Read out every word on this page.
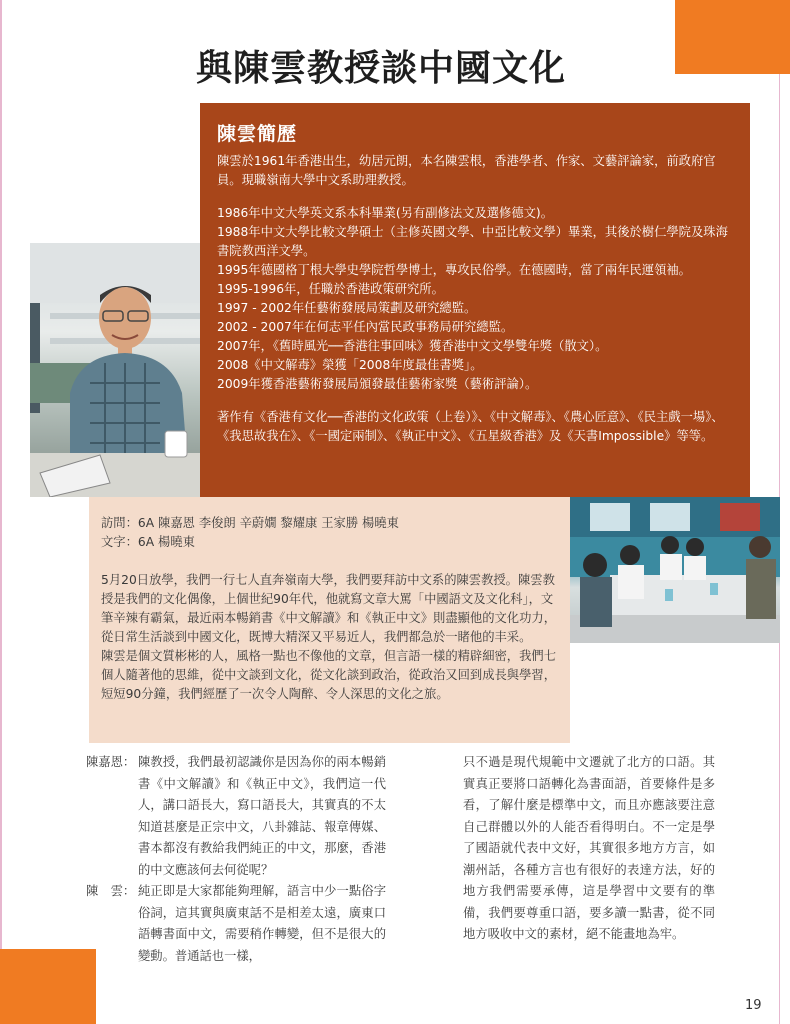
與陳雲教授談中國文化
陳雲簡歷

陳雲於1961年香港出生，幼居元朗，本名陳雲根，香港學者、作家、文藝評論家，前政府官員。現職嶺南大學中文系助理教授。

1986年中文大學英文系本科畢業(另有副修法文及選修德文)。

1988年中文大學比較文學碩士（主修英國文學、中亞比較文學）畢業，其後於樹仁學院及珠海書院教西洋文學。

1995年德國格丁根大學史學院哲學博士，專攻民俗學。在德國時，當了兩年民運領袖。

1995-1996年，任職於香港政策研究所。

1997 - 2002年任藝術發展局策劃及研究總監。

2002 - 2007年在何志平任內當民政事務局研究總監。

2007年，《舊時風光──香港往事回味》獲香港中文文學雙年獎（散文）。

2008《中文解毒》榮獲「2008年度最佳書獎」。

2009年獲香港藝術發展局頒發最佳藝術家獎（藝術評論）。

著作有《香港有文化──香港的文化政策（上卷）》、《中文解毒》、《農心匠意》、《民主戲一場》、《我思故我在》、《一國定兩制》、《執正中文》、《五星級香港》及《天書Impossible》等等。

訪問：6A 陳嘉恩 李俊朗 辛蔚嫺 黎耀康 王家勝 楊曉東

文字：6A 楊曉東

5月20日放學，我們一行七人直奔嶺南大學，我們要拜訪中文系的陳雲教授。陳雲教授是我們的文化偶像，上個世紀90年代，他就寫文章大罵「中國語文及文化科」，文筆辛辣有霸氣，最近兩本暢銷書《中文解讀》和《執正中文》則盡顯他的文化功力，從日常生活談到中國文化，既博大精深又平易近人，我們都急於一睹他的丰采。

陳雲是個文質彬彬的人，風格一點也不像他的文章，但言語一樣的精辟細密，我們七個人隨著他的思維，從中文談到文化，從文化談到政治，從政治又回到成長與學習，短短90分鐘，我們經歷了一次令人陶醉、令人深思的文化之旅。

陳嘉恩： 陳教授，我們最初認識你是因為你的兩本暢銷書《中文解讀》和《執正中文》，我們這一代人，講口語長大，寫口語長大，其實真的不太知道甚麼是正宗中文，八卦雜誌、報章傳媒、書本都沒有教給我們純正的中文，那麼，香港的中文應該何去何從呢？
陳　雲： 純正即是大家都能夠理解，語言中少一點俗字俗詞，這其實與廣東話不是相差太遠，廣東口語轉書面中文，需要稍作轉變，但不是很大的變動。普通話也一樣，
只不過是現代規範中文遷就了北方的口語。其實真正要將口語轉化為書面語，首要條件是多看，了解什麼是標準中文，而且亦應該要注意自己群體以外的人能否看得明白。不一定是學了國語就代表中文好，其實很多地方方言，如潮州話，各種方言也有很好的表達方法，好的地方我們需要承傳，這是學習中文要有的準備，我們要尊重口語，要多讀一點書，從不同地方吸收中文的素材，絕不能畫地為牢。
19
